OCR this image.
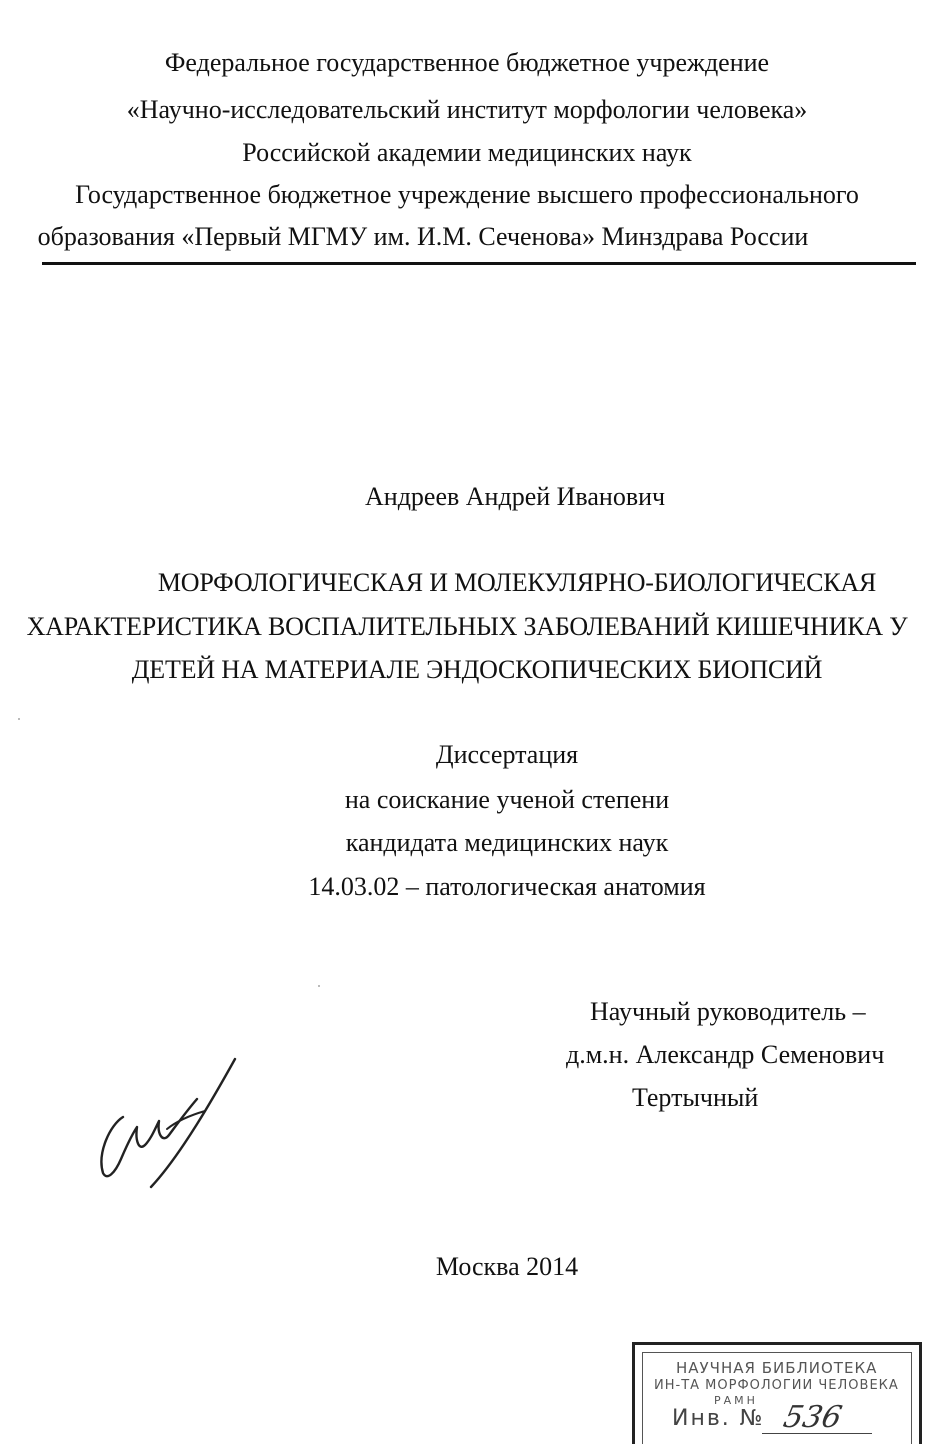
Федеральное государственное бюджетное учреждение
«Научно-исследовательский институт морфологии человека»
Российской академии медицинских наук
Государственное бюджетное учреждение высшего профессионального
образования «Первый МГМУ им. И.М. Сеченова» Минздрава России
Андреев Андрей Иванович
МОРФОЛОГИЧЕСКАЯ И МОЛЕКУЛЯРНО-БИОЛОГИЧЕСКАЯ
ХАРАКТЕРИСТИКА ВОСПАЛИТЕЛЬНЫХ ЗАБОЛЕВАНИЙ КИШЕЧНИКА У
ДЕТЕЙ НА МАТЕРИАЛЕ ЭНДОСКОПИЧЕСКИХ БИОПСИЙ
Диссертация
на соискание ученой степени
кандидата медицинских наук
14.03.02 – патологическая анатомия
Научный руководитель –
д.м.н. Александр Семенович
Тертычный
Москва 2014
НАУЧНАЯ БИБЛИОТЕКА
ИН-ТА МОРФОЛОГИИ ЧЕЛОВЕКА
РАМН
Инв. № 536
